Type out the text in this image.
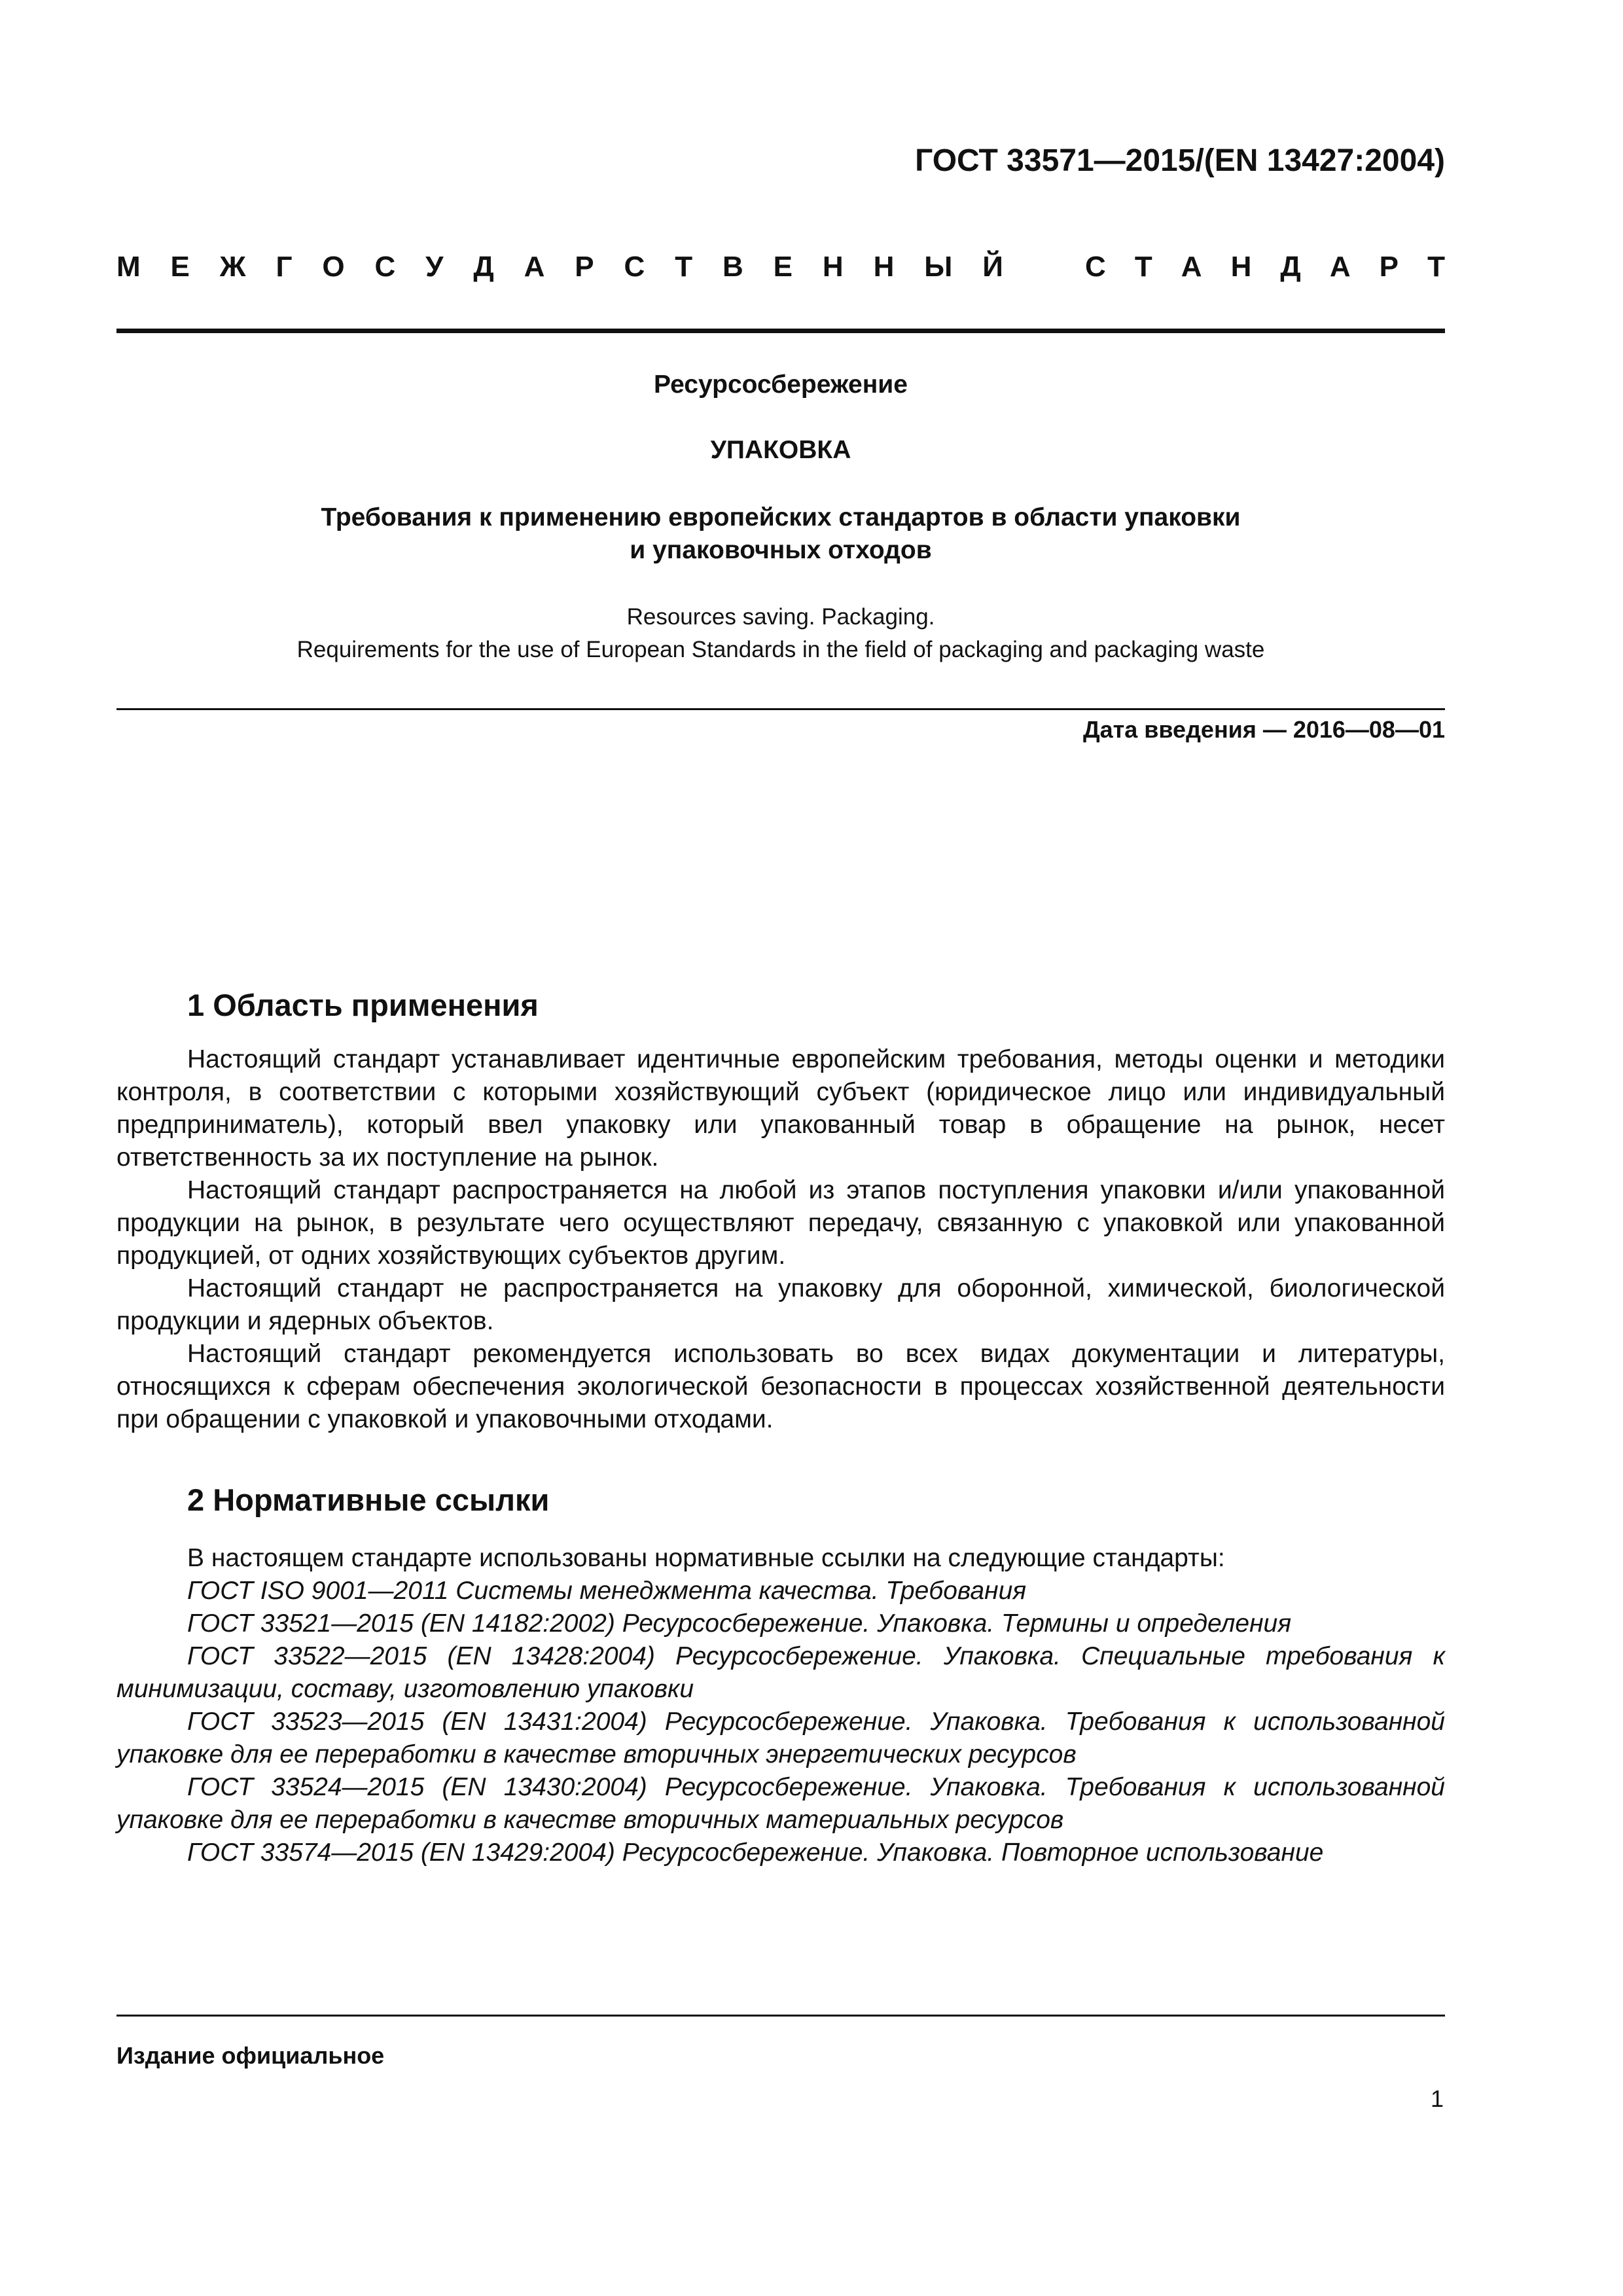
ГОСТ 33571—2015/(EN 13427:2004)

М Е Ж Г О С У Д А Р С Т В Е Н Н Ы Й	С Т А Н Д А Р Т

Ресурсосбережение

УПАКОВКА

Требования к применению европейских стандартов в области упаковки
и упаковочных отходов

Resources saving. Packaging.
Requirements for the use of European Standards in the field of packaging and packaging waste

Дата введения — 2016—08—01

1 Область применения

Настоящий стандарт устанавливает идентичные европейским требования, методы оценки и методики контроля, в соответствии с которыми хозяйствующий субъект (юридическое лицо или индивидуальный предприниматель), который ввел упаковку или упакованный товар в обращение на рынок, несет ответственность за их поступление на рынок.

Настоящий стандарт распространяется на любой из этапов поступления упаковки и/или упакованной продукции на рынок, в результате чего осуществляют передачу, связанную с упаковкой или упакованной продукцией, от одних хозяйствующих субъектов другим.

Настоящий стандарт не распространяется на упаковку для оборонной, химической, биологической продукции и ядерных объектов.

Настоящий стандарт рекомендуется использовать во всех видах документации и литературы, относящихся к сферам обеспечения экологической безопасности в процессах хозяйственной деятельности при обращении с упаковкой и упаковочными отходами.

2 Нормативные ссылки

В настоящем стандарте использованы нормативные ссылки на следующие стандарты:

ГОСТ ISO 9001—2011 Системы менеджмента качества. Требования

ГОСТ 33521—2015 (EN 14182:2002) Ресурсосбережение. Упаковка. Термины и определения

ГОСТ 33522—2015 (EN 13428:2004) Ресурсосбережение. Упаковка. Специальные требования к минимизации, составу, изготовлению упаковки

ГОСТ 33523—2015 (EN 13431:2004) Ресурсосбережение. Упаковка. Требования к использованной упаковке для ее переработки в качестве вторичных энергетических ресурсов

ГОСТ 33524—2015 (EN 13430:2004) Ресурсосбережение. Упаковка. Требования к использованной упаковке для ее переработки в качестве вторичных материальных ресурсов

ГОСТ 33574—2015 (EN 13429:2004) Ресурсосбережение. Упаковка. Повторное использование

Издание официальное

1
